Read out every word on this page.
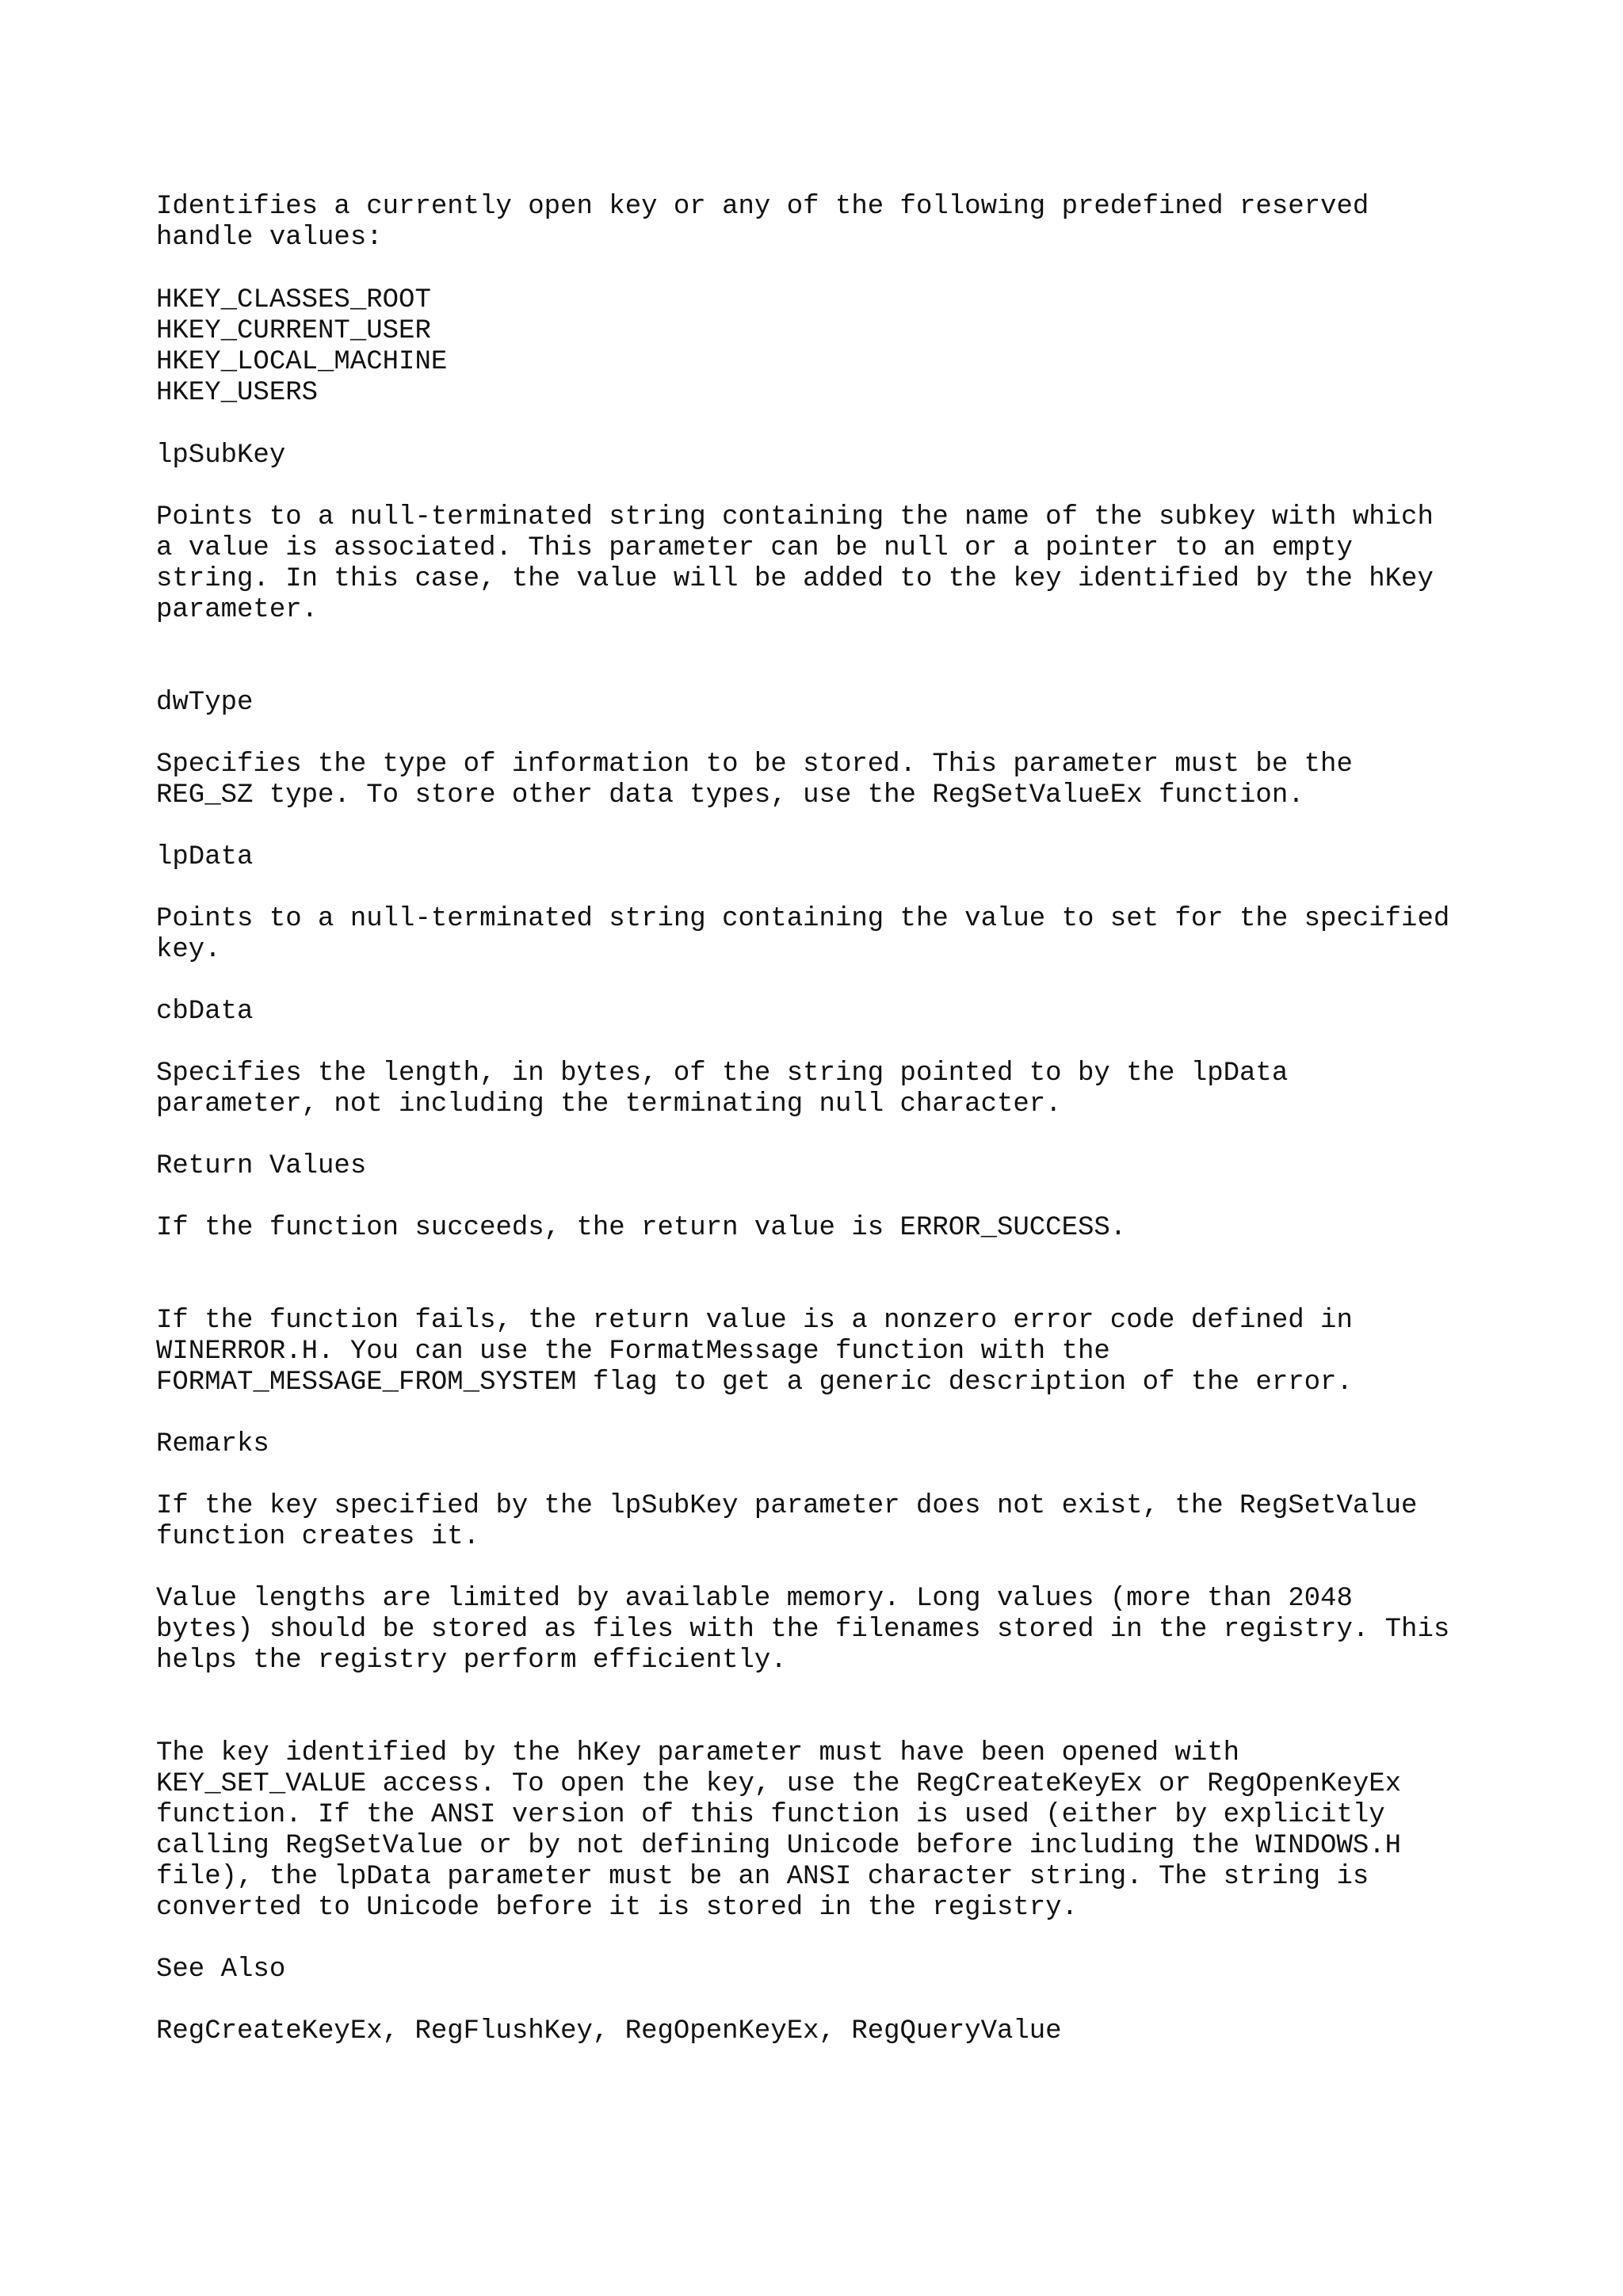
Identifies a currently open key or any of the following predefined reserved
handle values:

HKEY_CLASSES_ROOT
HKEY_CURRENT_USER
HKEY_LOCAL_MACHINE
HKEY_USERS

lpSubKey

Points to a null-terminated string containing the name of the subkey with which
a value is associated. This parameter can be null or a pointer to an empty
string. In this case, the value will be added to the key identified by the hKey
parameter.

dwType

Specifies the type of information to be stored. This parameter must be the
REG_SZ type. To store other data types, use the RegSetValueEx function.

lpData

Points to a null-terminated string containing the value to set for the specified
key.

cbData

Specifies the length, in bytes, of the string pointed to by the lpData
parameter, not including the terminating null character.

Return Values

If the function succeeds, the return value is ERROR_SUCCESS.

If the function fails, the return value is a nonzero error code defined in
WINERROR.H. You can use the FormatMessage function with the
FORMAT_MESSAGE_FROM_SYSTEM flag to get a generic description of the error.

Remarks

If the key specified by the lpSubKey parameter does not exist, the RegSetValue
function creates it.

Value lengths are limited by available memory. Long values (more than 2048
bytes) should be stored as files with the filenames stored in the registry. This
helps the registry perform efficiently.

The key identified by the hKey parameter must have been opened with
KEY_SET_VALUE access. To open the key, use the RegCreateKeyEx or RegOpenKeyEx
function. If the ANSI version of this function is used (either by explicitly
calling RegSetValue or by not defining Unicode before including the WINDOWS.H
file), the lpData parameter must be an ANSI character string. The string is
converted to Unicode before it is stored in the registry.

See Also

RegCreateKeyEx, RegFlushKey, RegOpenKeyEx, RegQueryValue
